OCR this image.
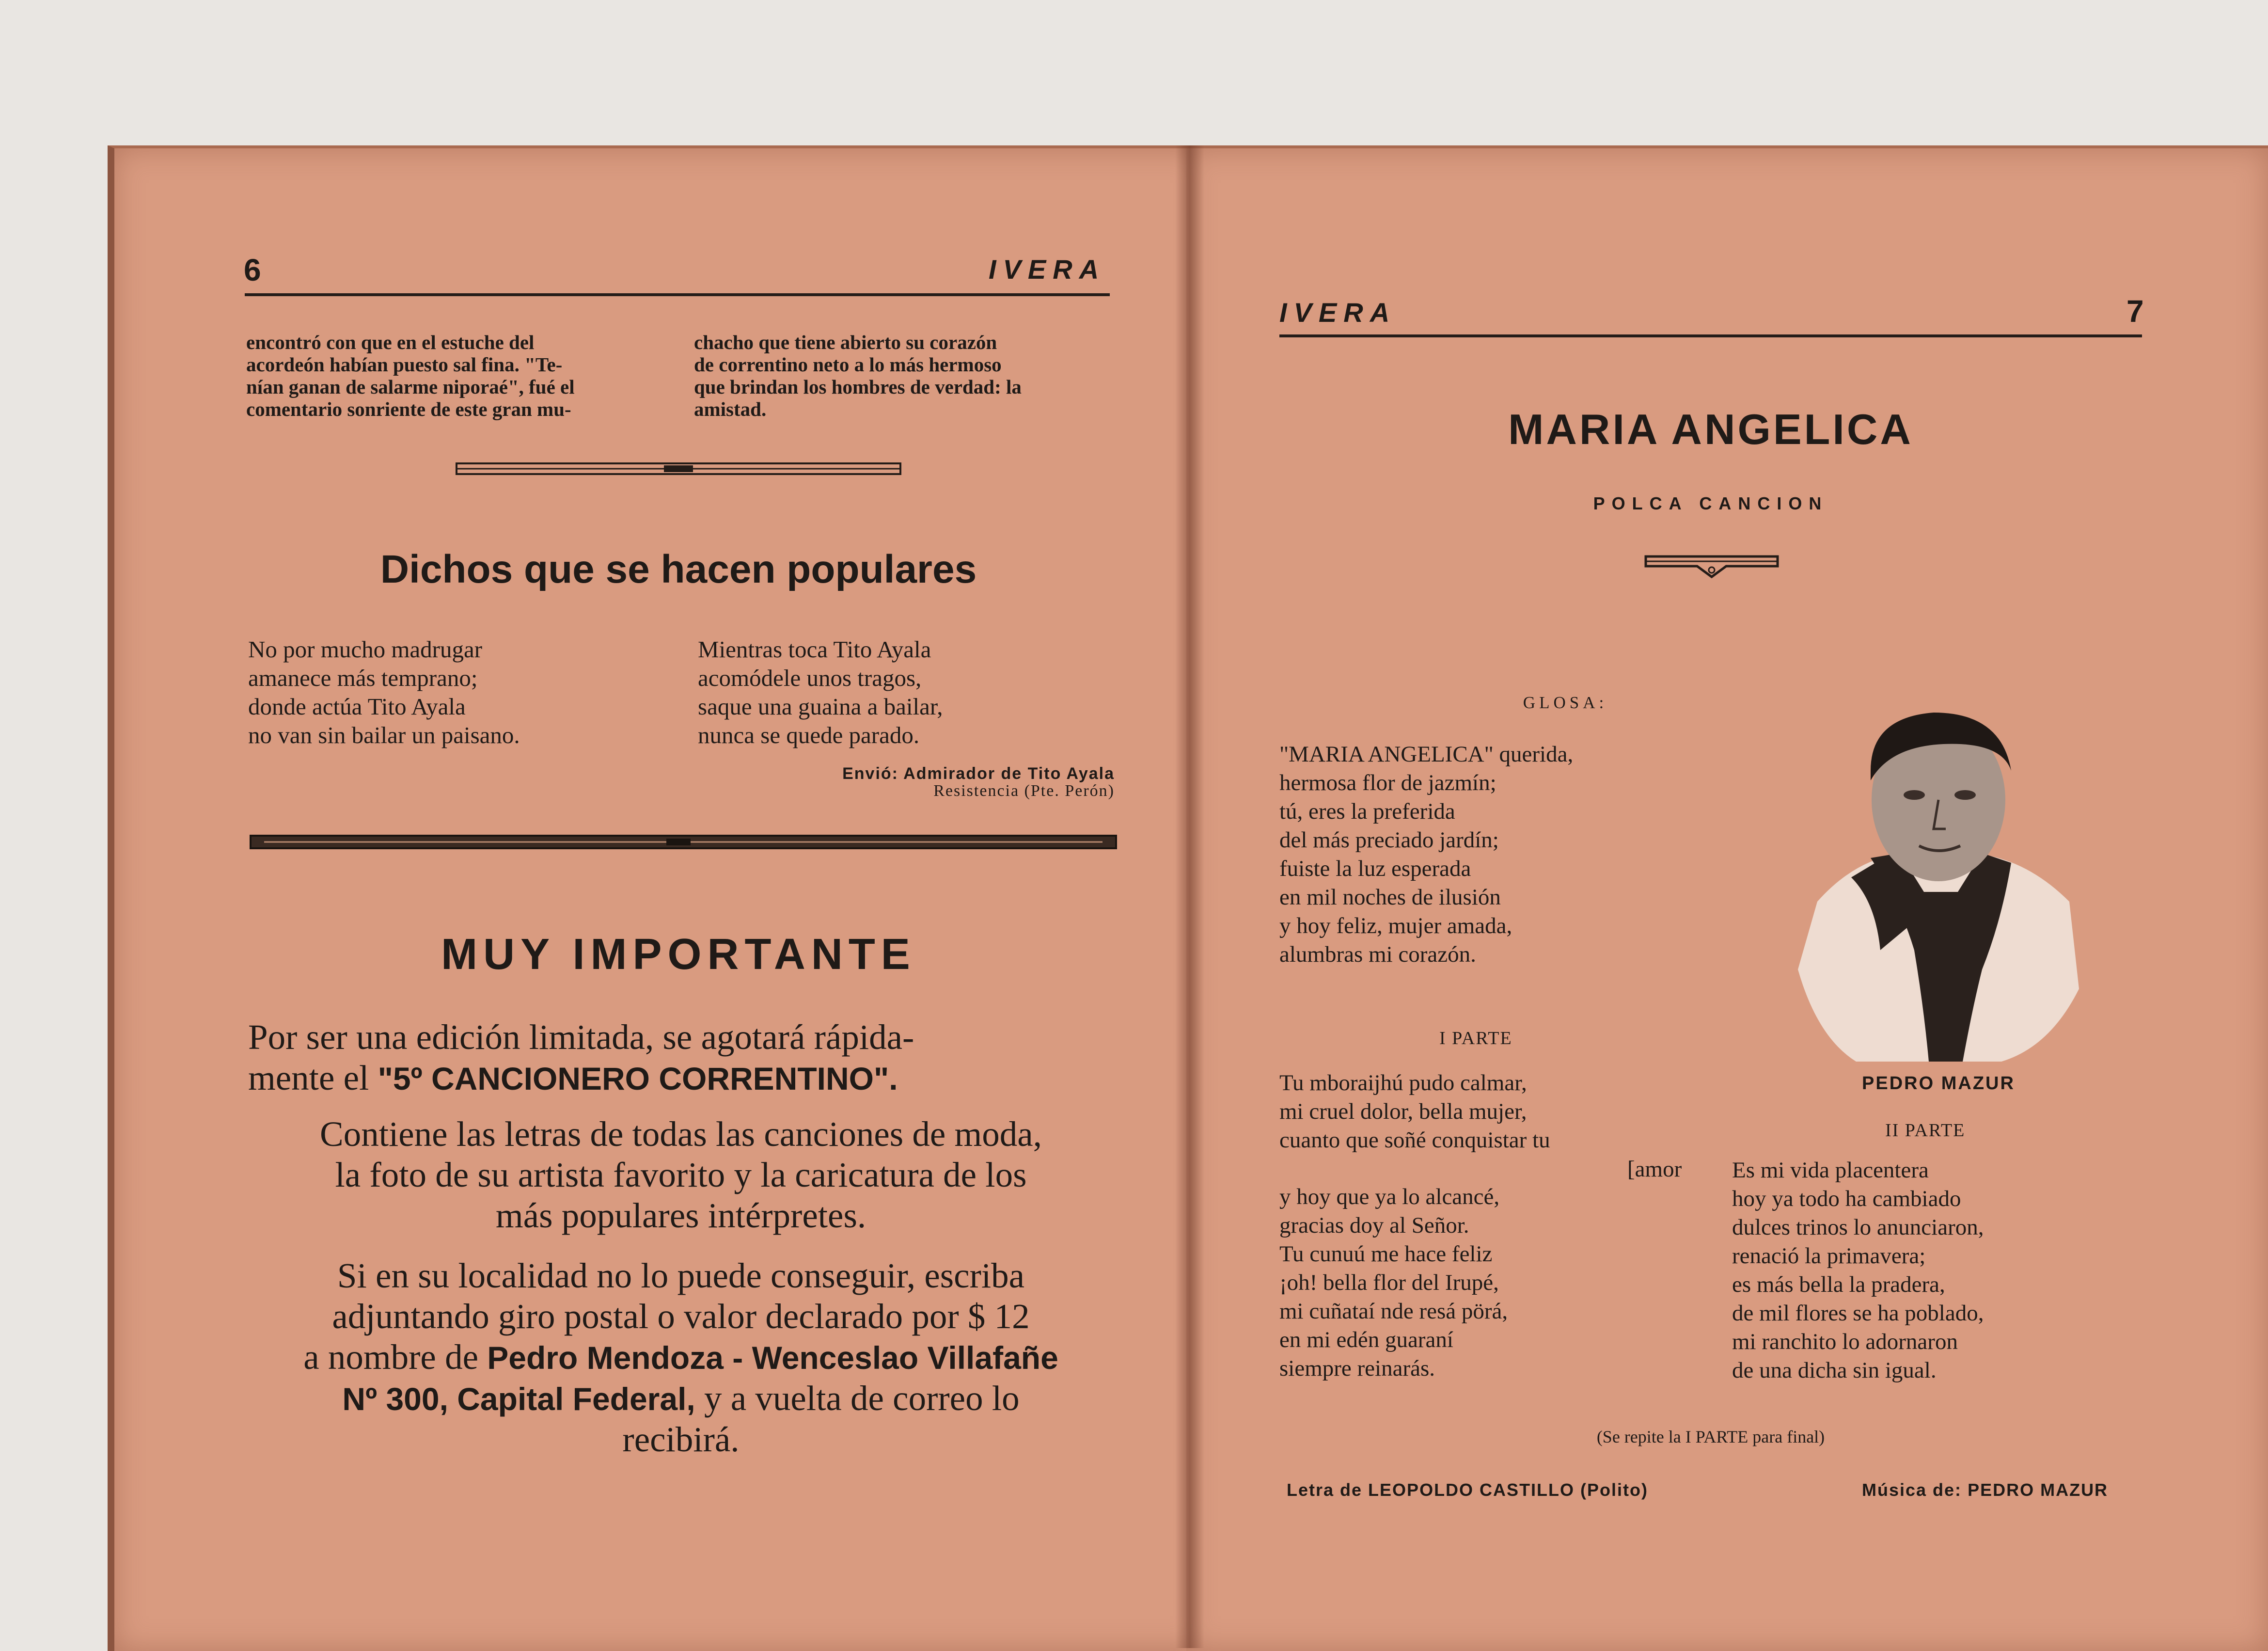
6	IVERA
encontró con que en el estuche del
acordeón habían puesto sal fina. "Te-
nían ganan de salarme niporaé", fué el
comentario sonriente de este gran mu-
chacho que tiene abierto su corazón
de correntino neto a lo más hermoso
que brindan los hombres de verdad: la
amistad.
Dichos que se hacen populares
No por mucho madrugar
amanece más temprano;
donde actúa Tito Ayala
no van sin bailar un paisano.
Mientras toca Tito Ayala
acomódele unos tragos,
saque una guaina a bailar,
nunca se quede parado.
Envió: Admirador de Tito Ayala
Resistencia (Pte. Perón)
MUY IMPORTANTE
Por ser una edición limitada, se agotará rápida-
mente el "5º CANCIONERO CORRENTINO".
Contiene las letras de todas las canciones de moda,
la foto de su artista favorito y la caricatura de los
más populares intérpretes.
Si en su localidad no lo puede conseguir, escriba
adjuntando giro postal o valor declarado por $ 12
a nombre de Pedro Mendoza - Wenceslao Villafañe
Nº 300, Capital Federal, y a vuelta de correo lo
recibirá.
IVERA	7
MARIA ANGELICA
POLCA CANCION
GLOSA:
"MARIA ANGELICA" querida,
hermosa flor de jazmín;
tú, eres la preferida
del más preciado jardín;
fuiste la luz esperada
en mil noches de ilusión
y hoy feliz, mujer amada,
alumbras mi corazón.
PEDRO MAZUR
I PARTE
Tu mboraijhú pudo calmar,
mi cruel dolor, bella mujer,
cuanto que soñé conquistar tu
[amor
y hoy que ya lo alcancé,
gracias doy al Señor.
Tu cunuú me hace feliz
¡oh! bella flor del Irupé,
mi cuñataí nde resá pörá,
en mi edén guaraní
siempre reinarás.
II PARTE
Es mi vida placentera
hoy ya todo ha cambiado
dulces trinos lo anunciaron,
renació la primavera;
es más bella la pradera,
de mil flores se ha poblado,
mi ranchito lo adornaron
de una dicha sin igual.
(Se repite la I PARTE para final)
Letra de LEOPOLDO CASTILLO (Polito)	Música de: PEDRO MAZUR
